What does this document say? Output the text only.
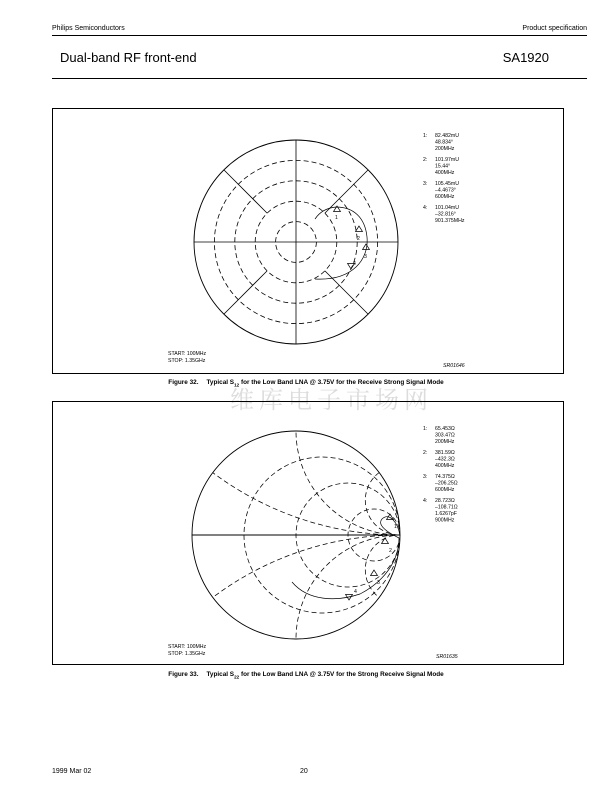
Philips Semiconductors	Product specification
Dual-band RF front-end	SA1920
1
2
3
4
1: 82.482mU
48.834°
200MHz
2: 101.97mU
15.44°
400MHz
3: 105.45mU
–4.4673°
600MHz
4: 101.04mU
–32.816°
901.375MHz
START: 100MHz
STOP: 1.35GHz
SR01646
Figure 32. Typical $S_{12}$ for the Low Band LNA @ 3.75V for the Receive Strong Signal Mode
维库电子市场网
1
2
3
4
1: 65.453Ω
303.47Ω
200MHz
2: 381.59Ω
–432.3Ω
400MHz
3: 74.375Ω
–206.25Ω
600MHz
4: 28.723Ω
–108.71Ω
1.6267pF
900MHz
START: 100MHz
STOP: 1.35GHz	SR01635
Figure 33. Typical $S_{22}$ for the Low Band LNA @ 3.75V for the Strong Receive Signal Mode
1999 Mar 02	20
